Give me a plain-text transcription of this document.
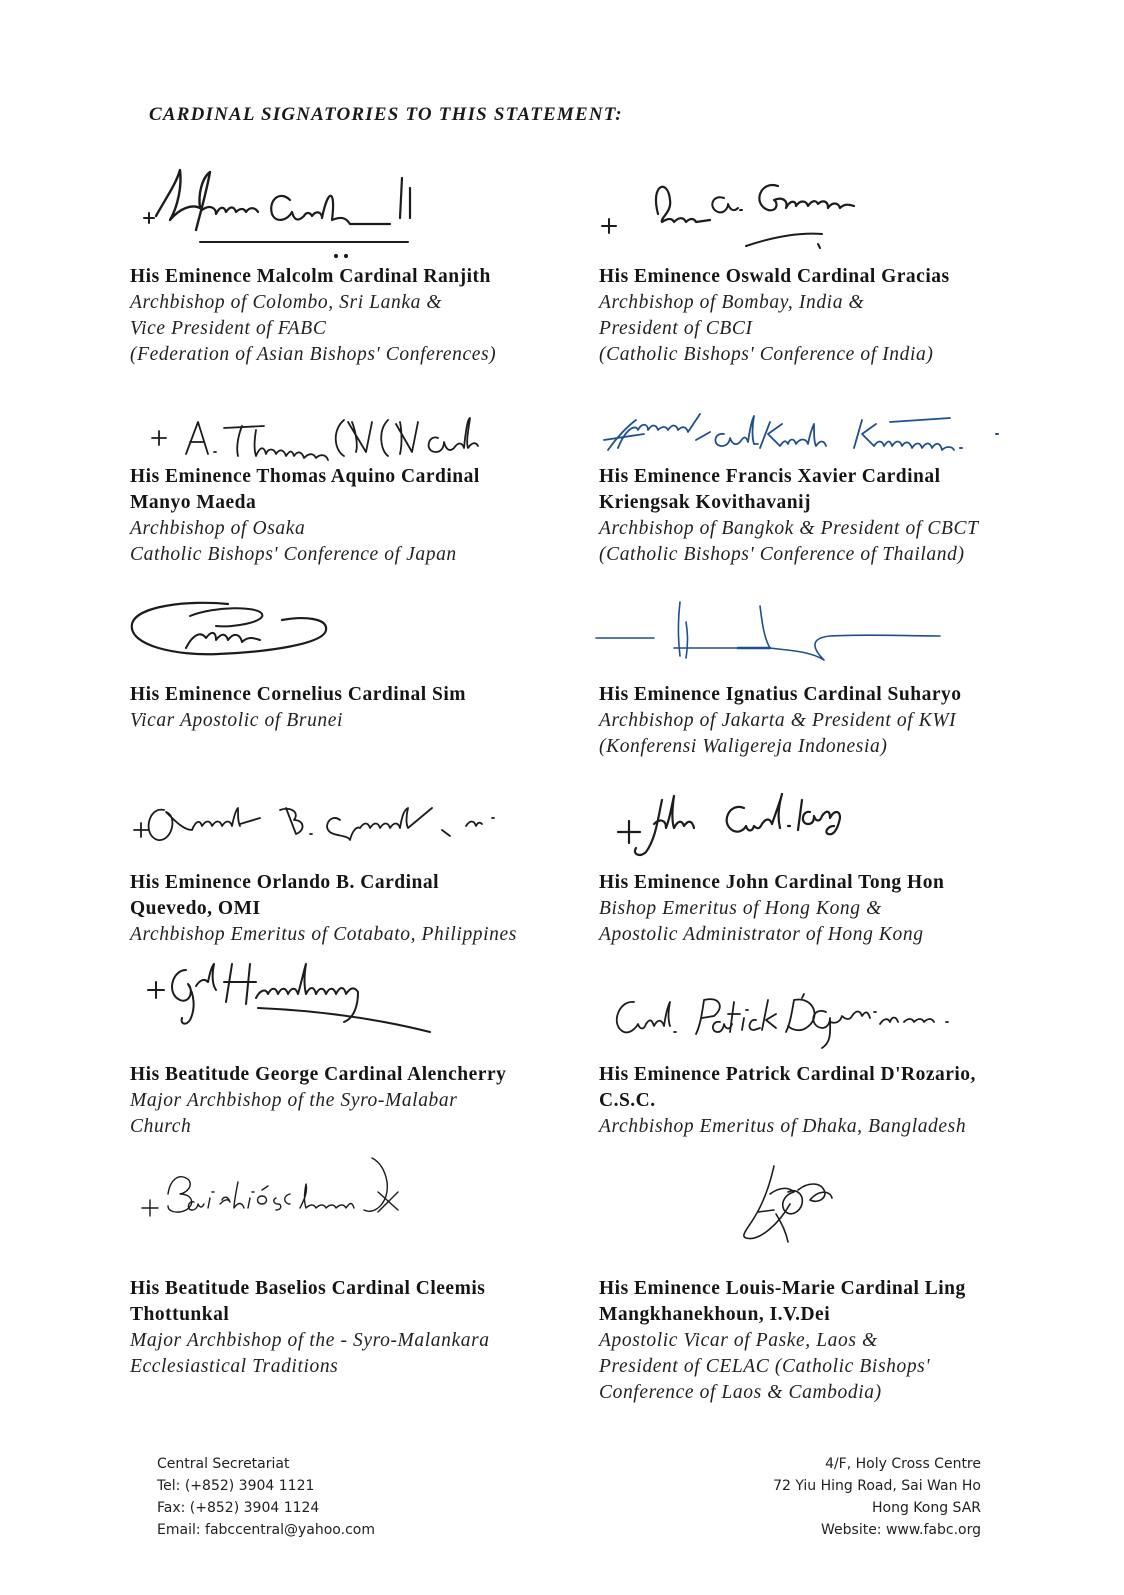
CARDINAL SIGNATORIES TO THIS STATEMENT:
His Eminence Malcolm Cardinal Ranjith
Archbishop of Colombo, Sri Lanka &
Vice President of FABC
(Federation of Asian Bishops' Conferences)
His Eminence Oswald Cardinal Gracias
Archbishop of Bombay, India &
President of CBCI
(Catholic Bishops' Conference of India)
His Eminence Thomas Aquino Cardinal
Manyo Maeda
Archbishop of Osaka
Catholic Bishops' Conference of Japan
His Eminence Francis Xavier Cardinal
Kriengsak Kovithavanij
Archbishop of Bangkok & President of CBCT
(Catholic Bishops' Conference of Thailand)
His Eminence Cornelius Cardinal Sim
Vicar Apostolic of Brunei
His Eminence Ignatius Cardinal Suharyo
Archbishop of Jakarta & President of KWI
(Konferensi Waligereja Indonesia)
His Eminence Orlando B. Cardinal
Quevedo, OMI
Archbishop Emeritus of Cotabato, Philippines
His Eminence John Cardinal Tong Hon
Bishop Emeritus of Hong Kong &
Apostolic Administrator of Hong Kong
His Beatitude George Cardinal Alencherry
Major Archbishop of the Syro-Malabar
Church
His Eminence Patrick Cardinal D'Rozario,
C.S.C.
Archbishop Emeritus of Dhaka, Bangladesh
His Beatitude Baselios Cardinal Cleemis
Thottunkal
Major Archbishop of the - Syro-Malankara
Ecclesiastical Traditions
His Eminence Louis-Marie Cardinal Ling
Mangkhanekhoun, I.V.Dei
Apostolic Vicar of Paske, Laos &
President of CELAC (Catholic Bishops'
Conference of Laos & Cambodia)
Central Secretariat
Tel: (+852) 3904 1121
Fax: (+852) 3904 1124
Email: fabccentral@yahoo.com
4/F, Holy Cross Centre
72 Yiu Hing Road, Sai Wan Ho
Hong Kong SAR
Website: www.fabc.org
